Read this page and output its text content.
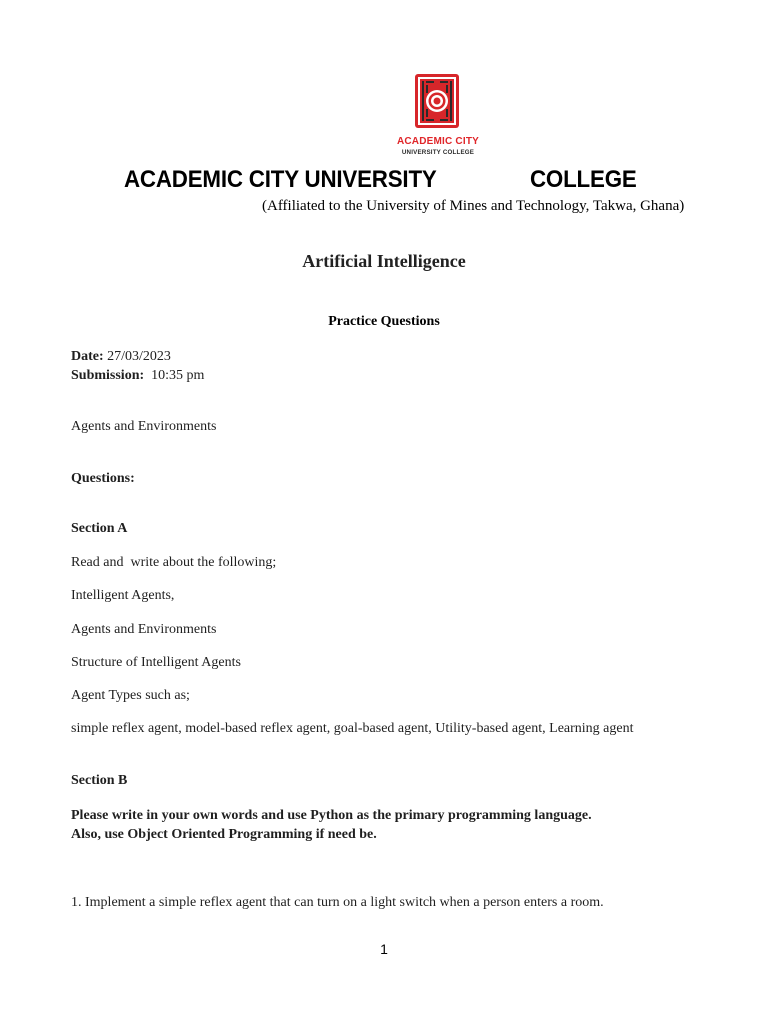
ACADEMIC CITY
UNIVERSITY COLLEGE
ACADEMIC CITY UNIVERSITY	COLLEGE
(Affiliated to the University of Mines and Technology, Takwa, Ghana)
Artificial Intelligence
Practice Questions
Date: 27/03/2023
Submission:  10:35 pm
Agents and Environments
Questions:
Section A
Read and  write about the following;
Intelligent Agents,
Agents and Environments
Structure of Intelligent Agents
Agent Types such as;
simple reflex agent, model-based reflex agent, goal-based agent, Utility-based agent, Learning agent
Section B
Please write in your own words and use Python as the primary programming language.
Also, use Object Oriented Programming if need be.
1. Implement a simple reflex agent that can turn on a light switch when a person enters a room.
1
